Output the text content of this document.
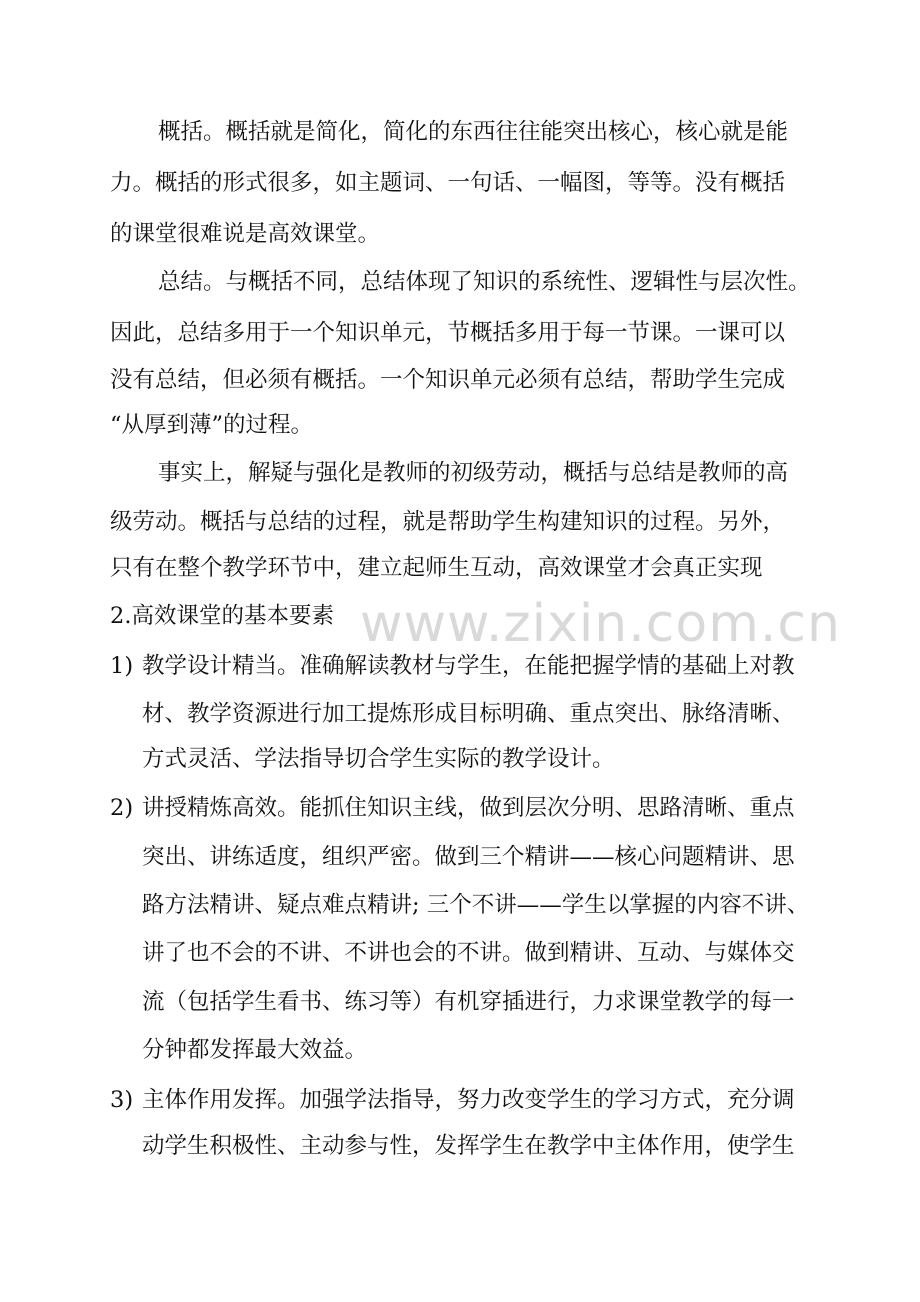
概括。概括就是简化，简化的东西往往能突出核心，核心就是能
力。概括的形式很多，如主题词、一句话、一幅图，等等。没有概括
的课堂很难说是高效课堂。
总结。与概括不同，总结体现了知识的系统性、逻辑性与层次性。
因此，总结多用于一个知识单元，节概括多用于每一节课。一课可以
没有总结，但必须有概括。一个知识单元必须有总结，帮助学生完成
“从厚到薄”的过程。
事实上，解疑与强化是教师的初级劳动，概括与总结是教师的高
级劳动。概括与总结的过程，就是帮助学生构建知识的过程。另外，
只有在整个教学环节中，建立起师生互动，高效课堂才会真正实现
2.高效课堂的基本要素 www.zixin.com.cn
1) 教学设计精当。准确解读教材与学生，在能把握学情的基础上对教
材、教学资源进行加工提炼形成目标明确、重点突出、脉络清晰、
方式灵活、学法指导切合学生实际的教学设计。
2) 讲授精炼高效。能抓住知识主线，做到层次分明、思路清晰、重点
突出、讲练适度，组织严密。做到三个精讲——核心问题精讲、思
路方法精讲、疑点难点精讲; 三个不讲——学生以掌握的内容不讲、
讲了也不会的不讲、不讲也会的不讲。做到精讲、互动、与媒体交
流（包括学生看书、练习等）有机穿插进行，力求课堂教学的每一
分钟都发挥最大效益。
3) 主体作用发挥。加强学法指导，努力改变学生的学习方式，充分调
动学生积极性、主动参与性，发挥学生在教学中主体作用，使学生
